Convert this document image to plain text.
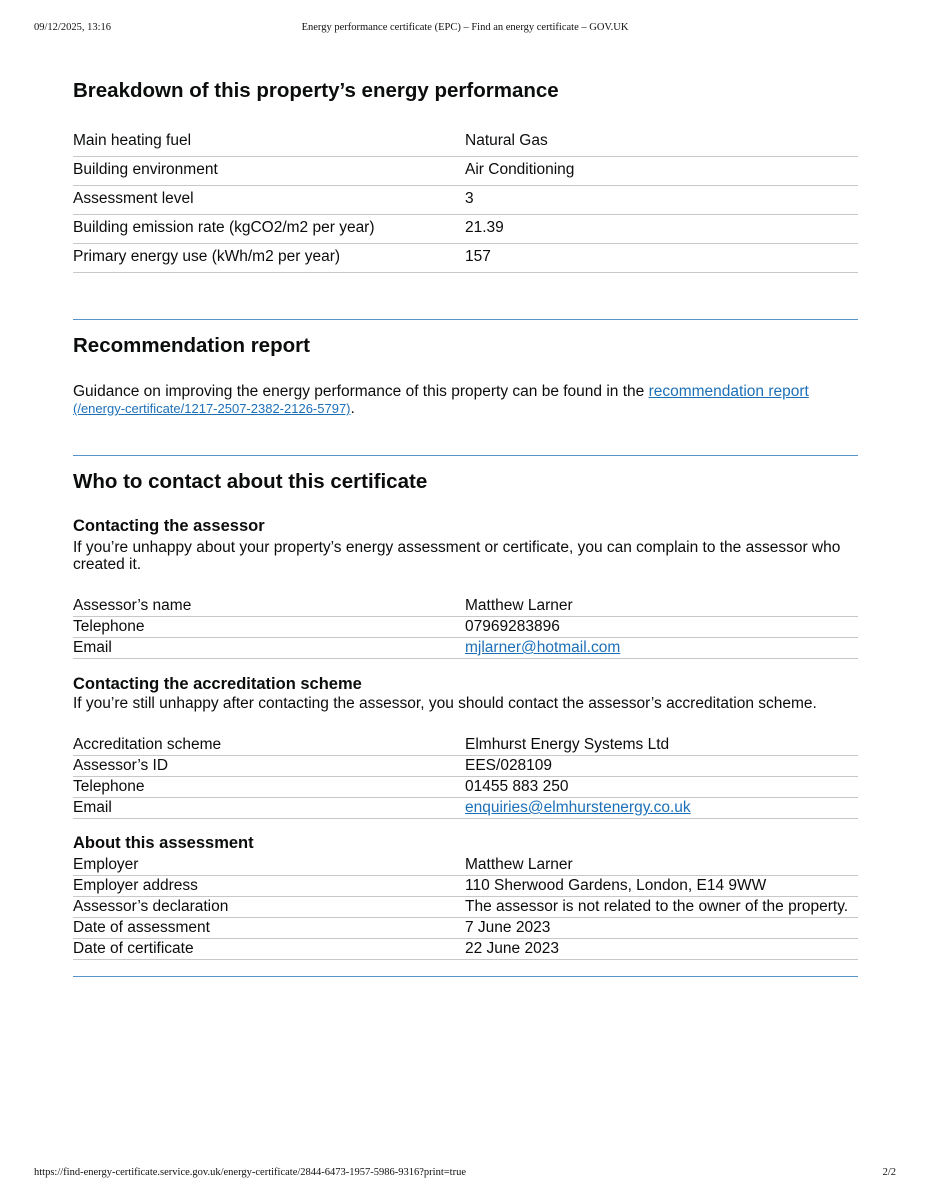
09/12/2025, 13:16	Energy performance certificate (EPC) – Find an energy certificate – GOV.UK
Breakdown of this property’s energy performance
Main heating fuel	Natural Gas
Building environment	Air Conditioning
Assessment level	3
Building emission rate (kgCO2/m2 per year)	21.39
Primary energy use (kWh/m2 per year)	157
Recommendation report

Guidance on improving the energy performance of this property can be found in the recommendation report
(/energy-certificate/1217-2507-2382-2126-5797).

Who to contact about this certificate
Contacting the assessor

If you’re unhappy about your property’s energy assessment or certificate, you can complain to the assessor who created it.

Assessor’s name	Matthew Larner
Telephone	07969283896
Email	mjlarner@hotmail.com
Contacting the accreditation scheme

If you’re still unhappy after contacting the assessor, you should contact the assessor’s accreditation scheme.

Accreditation scheme	Elmhurst Energy Systems Ltd
Assessor’s ID	EES/028109
Telephone	01455 883 250
Email	enquiries@elmhurstenergy.co.uk
About this assessment
Employer	Matthew Larner
Employer address	110 Sherwood Gardens, London, E14 9WW
Assessor’s declaration	The assessor is not related to the owner of the property.
Date of assessment	7 June 2023
Date of certificate	22 June 2023
https://find-energy-certificate.service.gov.uk/energy-certificate/2844-6473-1957-5986-9316?print=true	2/2
